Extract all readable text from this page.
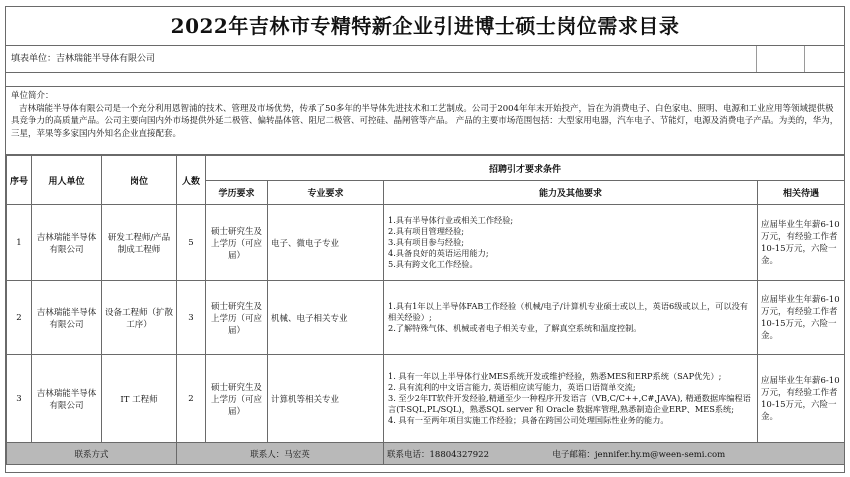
2022年吉林市专精特新企业引进博士硕士岗位需求目录
填表单位：吉林瑞能半导体有限公司
单位简介：

吉林瑞能半导体有限公司是一个充分利用恩智浦的技术、管理及市场优势，传承了50多年的半导体先进技术和工艺制成。公司于2004年年末开始投产，旨在为消费电子、白色家电、照明、电源和工业应用等领域提供极具竞争力的高质量产品。公司主要向国内外市场提供外延二极管、偏转晶体管、阻尼二极管、可控硅、晶闸管等产品。 产品的主要市场范围包括：大型家用电器，汽车电子、节能灯，电源及消费电子产品。为美的，华为，三星，苹果等多家国内外知名企业直接配套。

序号	用人单位	岗位	人数	招聘引才要求条件			
				学历要求	专业要求	能力及其他要求	相关待遇
1	吉林瑞能半导体有限公司	研发工程师/产品制成工程师	5	硕士研究生及上学历（可应届）	电子、微电子专业	1.具有半导体行业或相关工作经验;
2.具有项目管理经验;
3.具有项目参与经验;
4.具备良好的英语运用能力;
5.具有跨文化工作经验。	应届毕业生年薪6-10万元，有经验工作者10-15万元，六险一金。
2	吉林瑞能半导体有限公司	设备工程师（扩散工序）	3	硕士研究生及上学历（可应届）	机械、电子相关专业	1.具有1年以上半导体FAB工作经验（机械/电子/计算机专业硕士或以上，英语6级或以上，可以没有相关经验）;
2.了解特殊气体、机械或者电子相关专业，了解真空系统和温度控制。	应届毕业生年薪6-10万元，有经验工作者10-15万元，六险一金。
3	吉林瑞能半导体有限公司	IT 工程师	2	硕士研究生及上学历（可应届）	计算机等相关专业	1. 具有一年以上半导体行业MES系统开发或维护经验，熟悉MES和ERP系统（SAP优先）;
2. 具有流利的中文语言能力, 英语相应读写能力，英语口语简单交流;
3. 至少2年IT软件开发经验,精通至少一种程序开发语言（VB,C/C++,C#,JAVA), 精通数据库编程语言(T-SQL,PL/SQL)，熟悉SQL server 和 Oracle 数据库管理,熟悉制造企业ERP、MES系统;
4. 具有一至两年项目实施工作经验；具备在跨国公司处理国际性业务的能力。	应届毕业生年薪6-10万元，有经验工作者10-15万元，六险一金。
联系方式			联系人：马宏英			联系电话：18804327922 电子邮箱：jennifer.hy.m@ween-semi.com	
